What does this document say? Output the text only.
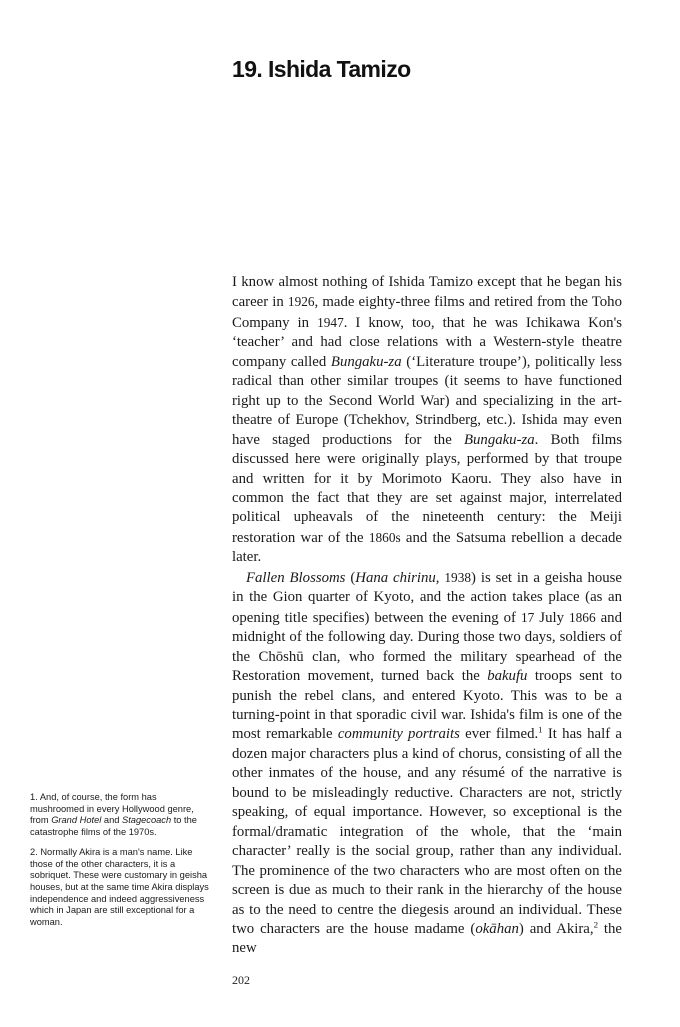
19. Ishida Tamizo

I know almost nothing of Ishida Tamizo except that he began his career in 1926, made eighty-three films and retired from the Toho Company in 1947. I know, too, that he was Ichikawa Kon's ‘teacher’ and had close relations with a Western-style theatre company called Bungaku-za (‘Literature troupe’), politically less radical than other similar troupes (it seems to have functioned right up to the Second World War) and specializing in the art-theatre of Europe (Tchekhov, Strindberg, etc.). Ishida may even have staged productions for the Bungaku-za. Both films discussed here were originally plays, performed by that troupe and written for it by Morimoto Kaoru. They also have in common the fact that they are set against major, interrelated political upheavals of the nineteenth century: the Meiji restoration war of the 1860s and the Satsuma rebellion a decade later.

Fallen Blossoms (Hana chirinu, 1938) is set in a geisha house in the Gion quarter of Kyoto, and the action takes place (as an opening title specifies) between the evening of 17 July 1866 and midnight of the following day. During those two days, soldiers of the Chōshū clan, who formed the military spearhead of the Restoration movement, turned back the bakufu troops sent to punish the rebel clans, and entered Kyoto. This was to be a turning-point in that sporadic civil war. Ishida's film is one of the most remarkable community portraits ever filmed.$^1$ It has half a dozen major characters plus a kind of chorus, consisting of all the other inmates of the house, and any résumé of the narrative is bound to be misleadingly reductive. Characters are not, strictly speaking, of equal importance. However, so exceptional is the formal/dramatic integration of the whole, that the ‘main character’ really is the social group, rather than any individual. The prominence of the two characters who are most often on the screen is due as much to their rank in the hierarchy of the house as to the need to centre the diegesis around an individual. These two characters are the house madame (okāhan) and Akira,$^2$ the new

1. And, of course, the form has mushroomed in every Hollywood genre, from Grand Hotel and Stagecoach to the catastrophe films of the 1970s.

2. Normally Akira is a man's name. Like those of the other characters, it is a sobriquet. These were customary in geisha houses, but at the same time Akira displays independence and indeed aggressiveness which in Japan are still exceptional for a woman.

202
